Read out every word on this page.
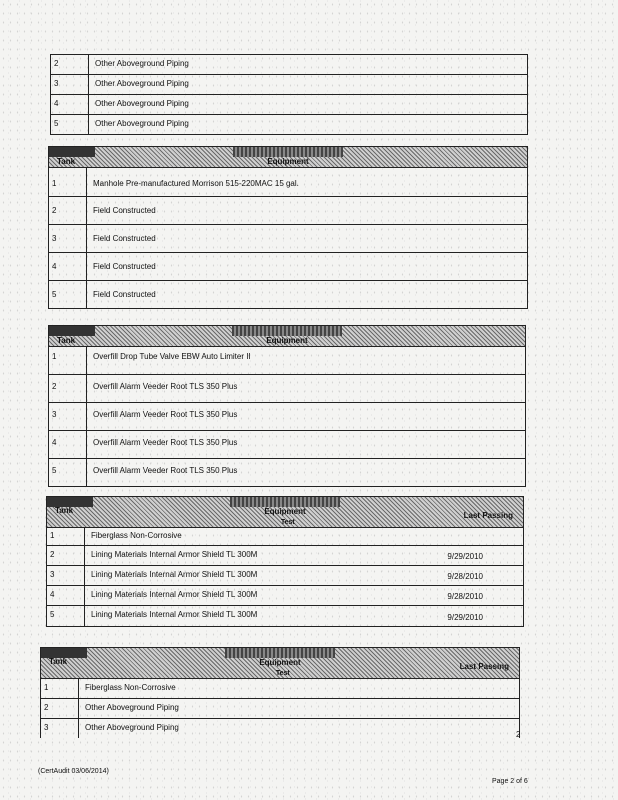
2	Other Aboveground Piping
3	Other Aboveground Piping
4	Other Aboveground Piping
5	Other Aboveground Piping
Tank	Equipment
1	Manhole Pre-manufactured Morrison 515-220MAC 15 gal.
2	Field Constructed
3	Field Constructed
4	Field Constructed
5	Field Constructed
Tank	Equipment
1	Overfill Drop Tube Valve EBW Auto Limiter II
2	Overfill Alarm Veeder Root TLS 350 Plus
3	Overfill Alarm Veeder Root TLS 350 Plus
4	Overfill Alarm Veeder Root TLS 350 Plus
5	Overfill Alarm Veeder Root TLS 350 Plus
Tank	Equipment
Test
Last Passing
1	Fiberglass Non-Corrosive
2	Lining Materials Internal Armor Shield TL 300M	9/29/2010
3	Lining Materials Internal Armor Shield TL 300M	9/28/2010
4	Lining Materials Internal Armor Shield TL 300M	9/28/2010
5	Lining Materials Internal Armor Shield TL 300M	9/29/2010
Tank	Equipment
Test
Last Passing
1	Fiberglass Non-Corrosive
2	Other Aboveground Piping
3	Other Aboveground Piping
2
(CertAudit 03/06/2014)
Page 2 of 6
